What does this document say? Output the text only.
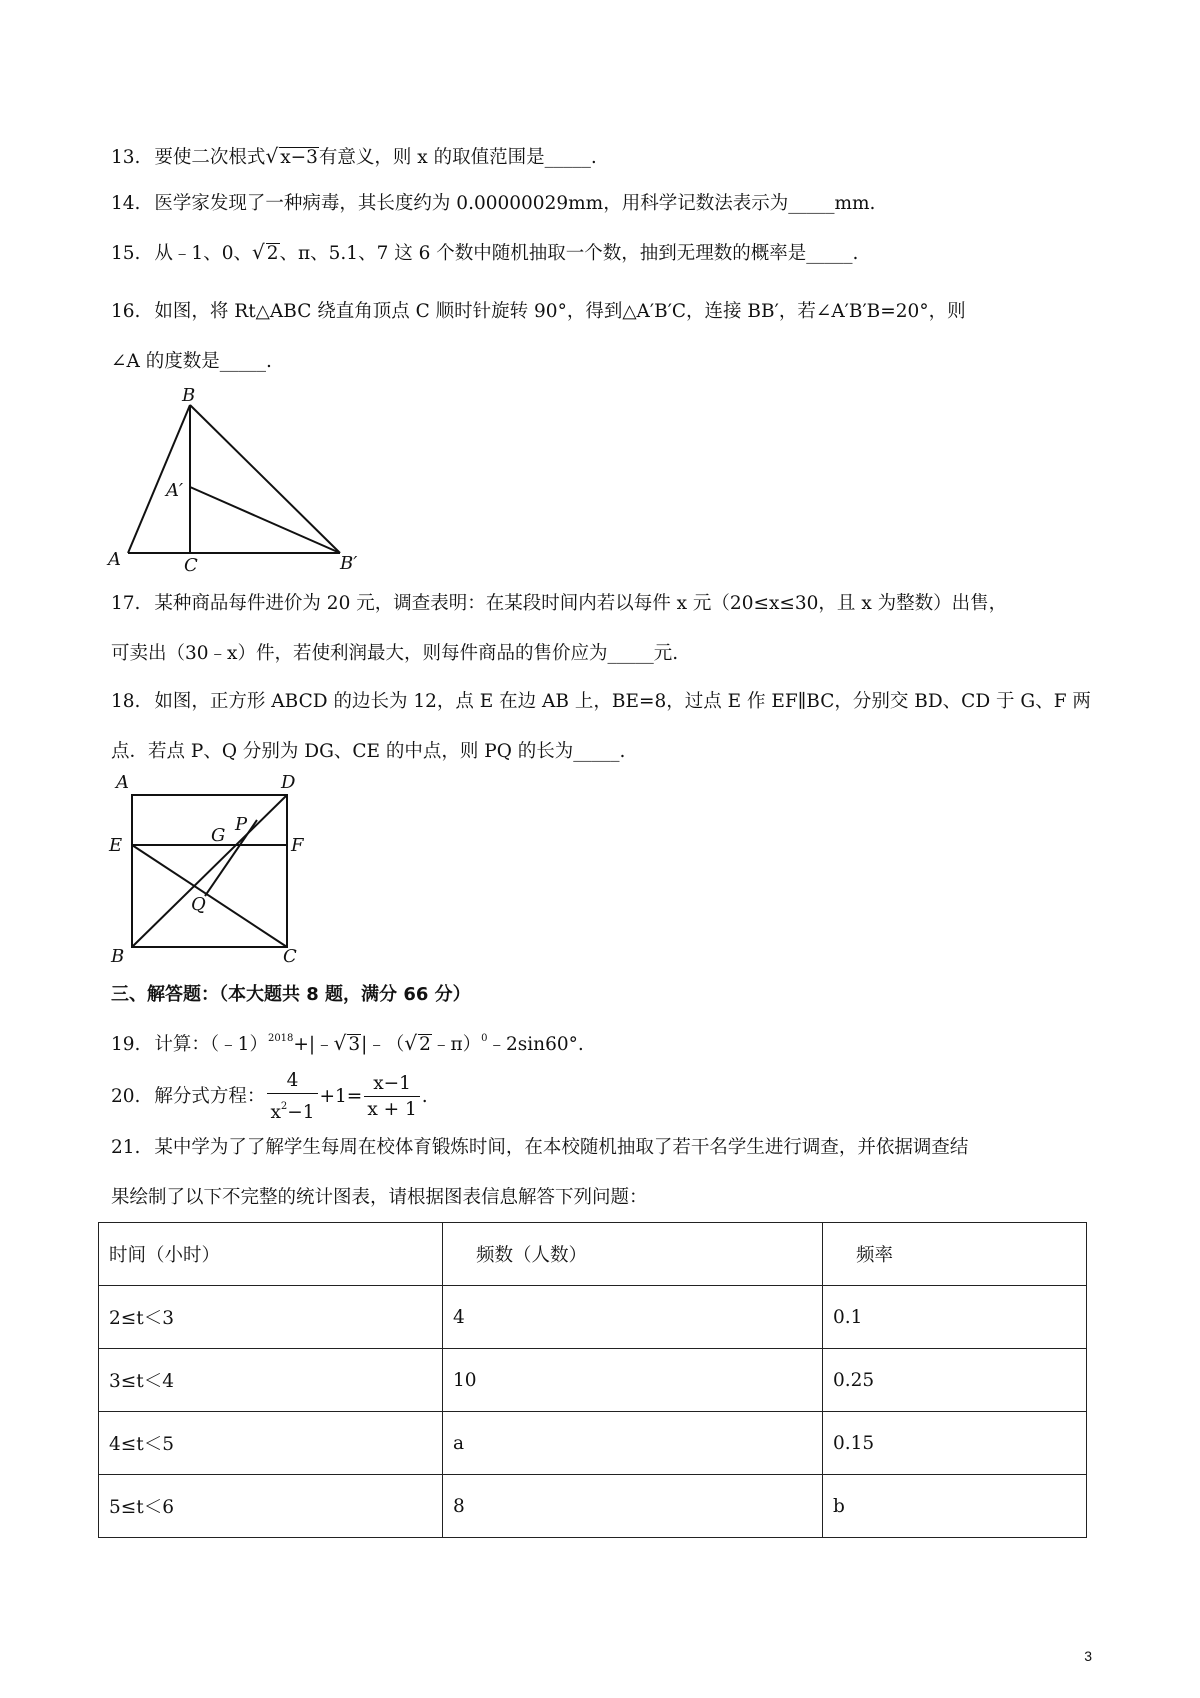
13. 要使二次根式√ x−3有意义，则 x 的取值范围是_____.
14. 医学家发现了一种病毒，其长度约为 0.00000029mm，用科学记数法表示为_____mm.
15. 从﹣1、0、√ 2、π、5.1、7 这 6 个数中随机抽取一个数，抽到无理数的概率是_____.
16. 如图，将 Rt△ABC 绕直角顶点 C 顺时针旋转 90°，得到△A′B′C，连接 BB′，若∠A′B′B=20°，则
∠A 的度数是_____.
B
A′
A	C	B′
17. 某种商品每件进价为 20 元，调查表明：在某段时间内若以每件 x 元（20≤x≤30，且 x 为整数）出售，
可卖出（30﹣x）件，若使利润最大，则每件商品的售价应为_____元.
18. 如图，正方形 ABCD 的边长为 12，点 E 在边 AB 上，BE=8，过点 E 作 EF∥BC，分别交 BD、CD 于 G、F 两
点．若点 P、Q 分别为 DG、CE 的中点，则 PQ 的长为_____.
A	D
E	G
P
F
Q
B	C
三、解答题：（本大题共 8 题，满分 66 分）
19. 计算：（﹣1）$^{2018}$+|﹣√ 3|﹣（√ 2﹣π）$^0$﹣2sin60°.
20. 解分式方程： $\frac{4}{x^2-1} +1= \frac{x-1}{x + 1}$ .
21. 某中学为了了解学生每周在校体育锻炼时间，在本校随机抽取了若干名学生进行调查，并依据调查结
果绘制了以下不完整的统计图表，请根据图表信息解答下列问题：
时间（小时）	频数（人数）	频率
2≤t＜3	4	0.1
3≤t＜4	10	0.25
4≤t＜5	a	0.15
5≤t＜6	8	b
3
